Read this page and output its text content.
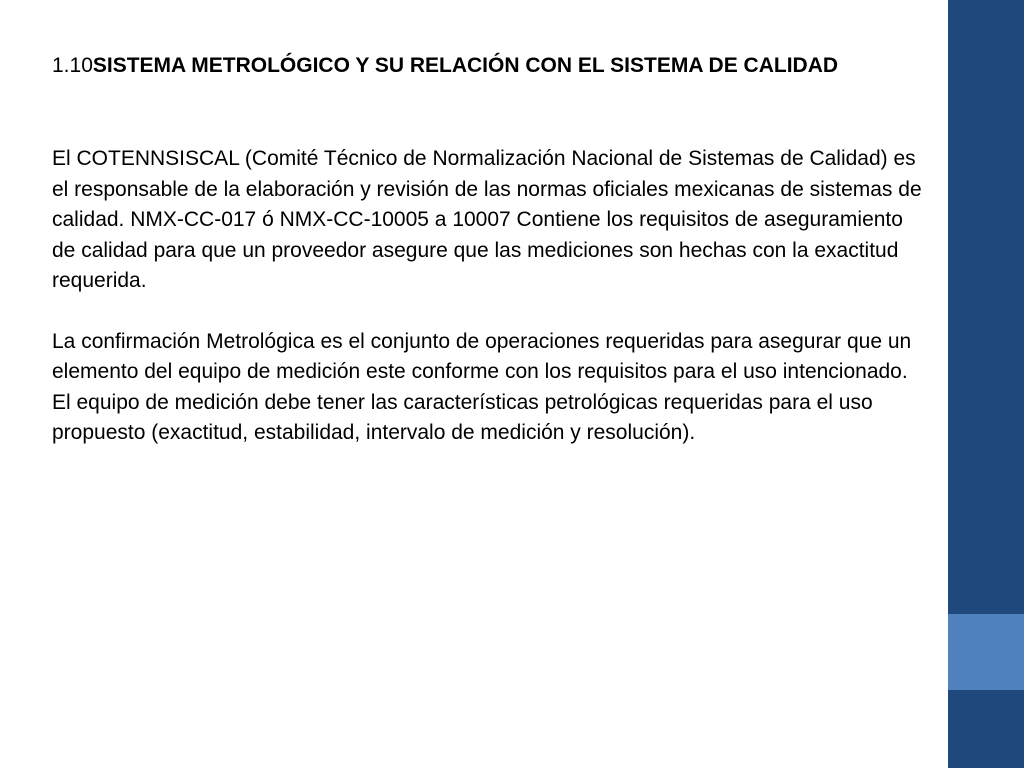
1.10SISTEMA METROLÓGICO Y SU RELACIÓN CON EL SISTEMA DE CALIDAD

El COTENNSISCAL (Comité Técnico de Normalización Nacional de Sistemas de Calidad) es el responsable de la elaboración y revisión de las normas oficiales mexicanas de sistemas de calidad. NMX-CC-017 ó NMX-CC-10005 a 10007 Contiene los requisitos de aseguramiento de calidad para que un proveedor asegure que las mediciones son hechas con la exactitud requerida.

La confirmación Metrológica es el conjunto de operaciones requeridas para asegurar que un elemento del equipo de medición este conforme con los requisitos para el uso intencionado. El equipo de medición debe tener las características petrológicas requeridas para el uso propuesto (exactitud, estabilidad, intervalo de medición y resolución).
